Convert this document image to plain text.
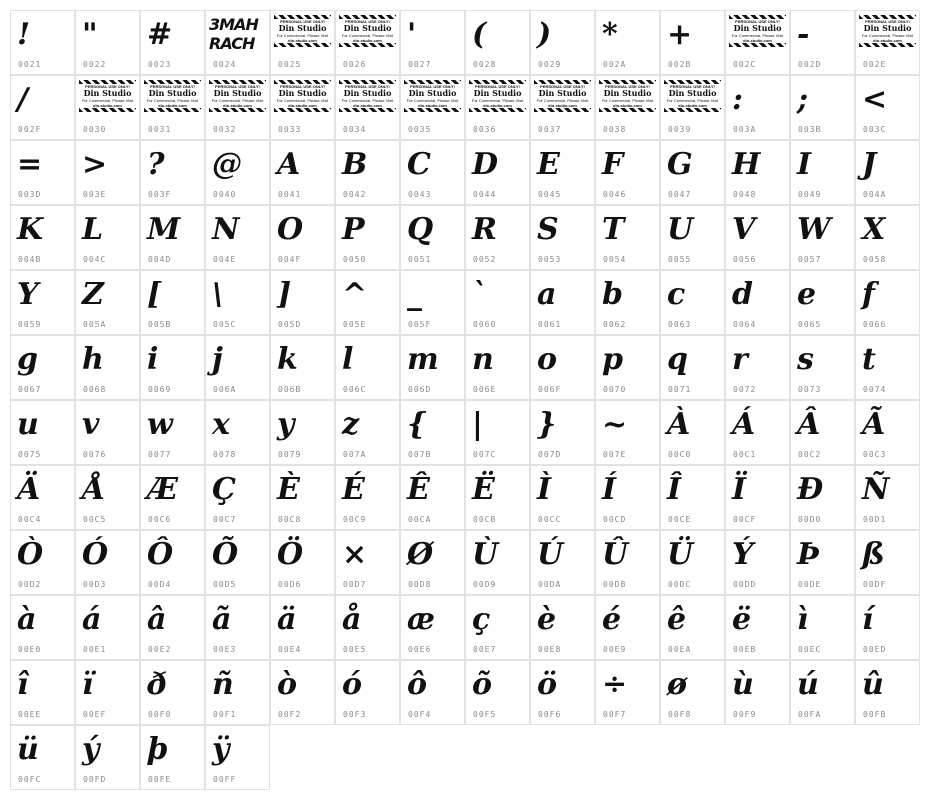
!
0021
"
0022
#
0023
3MAHRACH
0024
PERSONAL USE ONLY!
Din Studio
For Commercial, Please Visit
din-studio.com
0025
PERSONAL USE ONLY!
Din Studio
For Commercial, Please Visit
din-studio.com
0026
'
0027
(
0028
)
0029
*
002A
+
002B
PERSONAL USE ONLY!
Din Studio
For Commercial, Please Visit
din-studio.com
002C
-
002D
PERSONAL USE ONLY!
Din Studio
For Commercial, Please Visit
din-studio.com
002E
/
002F
PERSONAL USE ONLY!
Din Studio
For Commercial, Please Visit
din-studio.com
0030
PERSONAL USE ONLY!
Din Studio
For Commercial, Please Visit
din-studio.com
0031
PERSONAL USE ONLY!
Din Studio
For Commercial, Please Visit
din-studio.com
0032
PERSONAL USE ONLY!
Din Studio
For Commercial, Please Visit
din-studio.com
0033
PERSONAL USE ONLY!
Din Studio
For Commercial, Please Visit
din-studio.com
0034
PERSONAL USE ONLY!
Din Studio
For Commercial, Please Visit
din-studio.com
0035
PERSONAL USE ONLY!
Din Studio
For Commercial, Please Visit
din-studio.com
0036
PERSONAL USE ONLY!
Din Studio
For Commercial, Please Visit
din-studio.com
0037
PERSONAL USE ONLY!
Din Studio
For Commercial, Please Visit
din-studio.com
0038
PERSONAL USE ONLY!
Din Studio
For Commercial, Please Visit
din-studio.com
0039
:
003A
;
003B
<
003C
=
003D
>
003E
?
003F
@
0040
A
0041
B
0042
C
0043
D
0044
E
0045
F
0046
G
0047
H
0048
I
0049
J
004A
K
004B
L
004C
M
004D
N
004E
O
004F
P
0050
Q
0051
R
0052
S
0053
T
0054
U
0055
V
0056
W
0057
X
0058
Y
0059
Z
005A
[
005B
\
005C
]
005D
^
005E
_
005F
`
0060
a
0061
b
0062
c
0063
d
0064
e
0065
f
0066
g
0067
h
0068
i
0069
j
006A
k
006B
l
006C
m
006D
n
006E
o
006F
p
0070
q
0071
r
0072
s
0073
t
0074
u
0075
v
0076
w
0077
x
0078
y
0079
z
007A
{
007B
|
007C
}
007D
~
007E
À
00C0
Á
00C1
Â
00C2
Ã
00C3
Ä
00C4
Å
00C5
Æ
00C6
Ç
00C7
È
00C8
É
00C9
Ê
00CA
Ë
00CB
Ì
00CC
Í
00CD
Î
00CE
Ï
00CF
Ð
00D0
Ñ
00D1
Ò
00D2
Ó
00D3
Ô
00D4
Õ
00D5
Ö
00D6
×
00D7
Ø
00D8
Ù
00D9
Ú
00DA
Û
00DB
Ü
00DC
Ý
00DD
Þ
00DE
ß
00DF
à
00E0
á
00E1
â
00E2
ã
00E3
ä
00E4
å
00E5
æ
00E6
ç
00E7
è
00E8
é
00E9
ê
00EA
ë
00EB
ì
00EC
í
00ED
î
00EE
ï
00EF
ð
00F0
ñ
00F1
ò
00F2
ó
00F3
ô
00F4
õ
00F5
ö
00F6
÷
00F7
ø
00F8
ù
00F9
ú
00FA
û
00FB
ü
00FC
ý
00FD
þ
00FE
ÿ
00FF
